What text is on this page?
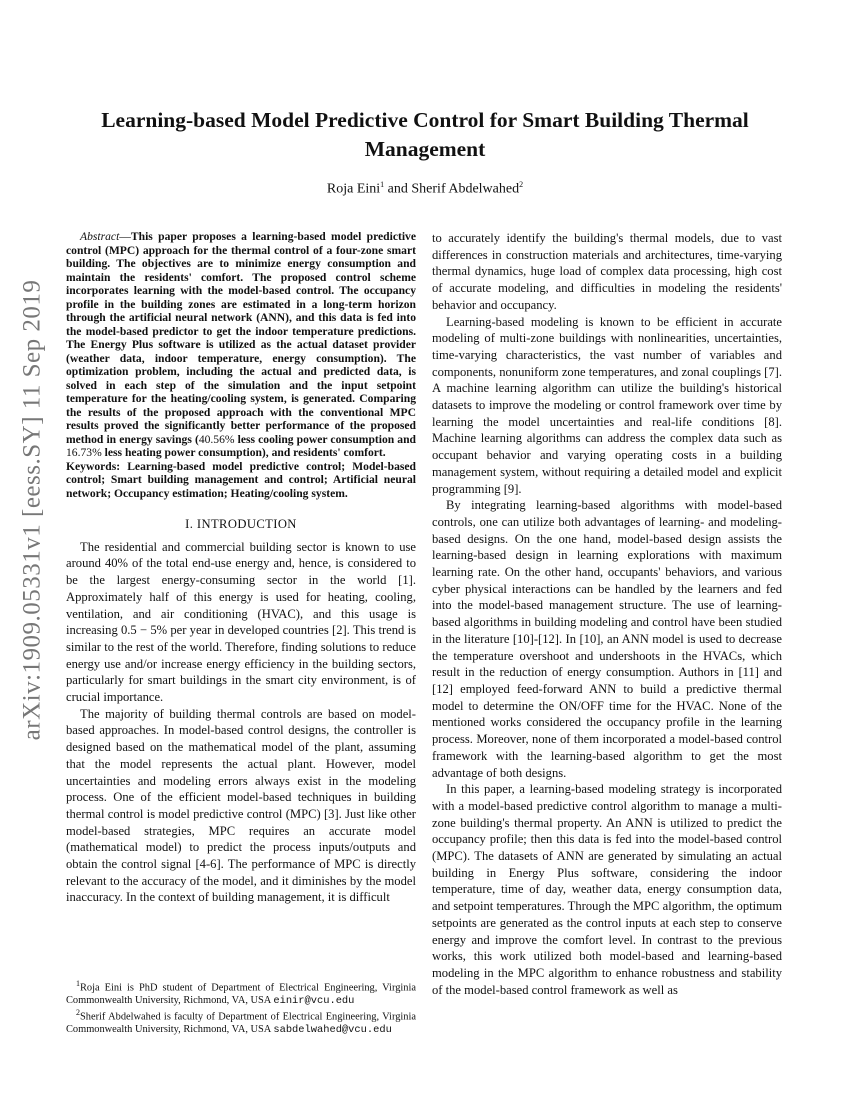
arXiv:1909.05331v1 [eess.SY] 11 Sep 2019
Learning-based Model Predictive Control for Smart Building Thermal Management
Roja Eini$^1$ and Sherif Abdelwahed$^2$

Abstract—This paper proposes a learning-based model predictive control (MPC) approach for the thermal control of a four-zone smart building. The objectives are to minimize energy consumption and maintain the residents' comfort. The proposed control scheme incorporates learning with the model-based control. The occupancy profile in the building zones are estimated in a long-term horizon through the artificial neural network (ANN), and this data is fed into the model-based predictor to get the indoor temperature predictions. The Energy Plus software is utilized as the actual dataset provider (weather data, indoor temperature, energy consumption). The optimization problem, including the actual and predicted data, is solved in each step of the simulation and the input setpoint temperature for the heating/cooling system, is generated. Comparing the results of the proposed approach with the conventional MPC results proved the significantly better performance of the proposed method in energy savings (40.56% less cooling power consumption and 16.73% less heating power consumption), and residents' comfort.
Keywords: Learning-based model predictive control; Model-based control; Smart building management and control; Artificial neural network; Occupancy estimation; Heating/cooling system.

I. INTRODUCTION

The residential and commercial building sector is known to use around 40% of the total end-use energy and, hence, is considered to be the largest energy-consuming sector in the world [1]. Approximately half of this energy is used for heating, cooling, ventilation, and air conditioning (HVAC), and this usage is increasing 0.5 − 5% per year in developed countries [2]. This trend is similar to the rest of the world. Therefore, finding solutions to reduce energy use and/or increase energy efficiency in the building sectors, particularly for smart buildings in the smart city environment, is of crucial importance.

The majority of building thermal controls are based on model-based approaches. In model-based control designs, the controller is designed based on the mathematical model of the plant, assuming that the model represents the actual plant. However, model uncertainties and modeling errors always exist in the modeling process. One of the efficient model-based techniques in building thermal control is model predictive control (MPC) [3]. Just like other model-based strategies, MPC requires an accurate model (mathematical model) to predict the process inputs/outputs and obtain the control signal [4-6]. The performance of MPC is directly relevant to the accuracy of the model, and it diminishes by the model inaccuracy. In the context of building management, it is difficult

$^1$Roja Eini is PhD student of Department of Electrical Engineering, Virginia Commonwealth University, Richmond, VA, USA einir@vcu.edu

$^2$Sherif Abdelwahed is faculty of Department of Electrical Engineering, Virginia Commonwealth University, Richmond, VA, USA sabdelwahed@vcu.edu

to accurately identify the building's thermal models, due to vast differences in construction materials and architectures, time-varying thermal dynamics, huge load of complex data processing, high cost of accurate modeling, and difficulties in modeling the residents' behavior and occupancy.

Learning-based modeling is known to be efficient in accurate modeling of multi-zone buildings with nonlinearities, uncertainties, time-varying characteristics, the vast number of variables and components, nonuniform zone temperatures, and zonal couplings [7]. A machine learning algorithm can utilize the building's historical datasets to improve the modeling or control framework over time by learning the model uncertainties and real-life conditions [8]. Machine learning algorithms can address the complex data such as occupant behavior and varying operating costs in a building management system, without requiring a detailed model and explicit programming [9].

By integrating learning-based algorithms with model-based controls, one can utilize both advantages of learning- and modeling-based designs. On the one hand, model-based design assists the learning-based design in learning explorations with maximum learning rate. On the other hand, occupants' behaviors, and various cyber physical interactions can be handled by the learners and fed into the model-based management structure. The use of learning-based algorithms in building modeling and control have been studied in the literature [10]-[12]. In [10], an ANN model is used to decrease the temperature overshoot and undershoots in the HVACs, which result in the reduction of energy consumption. Authors in [11] and [12] employed feed-forward ANN to build a predictive thermal model to determine the ON/OFF time for the HVAC. None of the mentioned works considered the occupancy profile in the learning process. Moreover, none of them incorporated a model-based control framework with the learning-based algorithm to get the most advantage of both designs.

In this paper, a learning-based modeling strategy is incorporated with a model-based predictive control algorithm to manage a multi-zone building's thermal property. An ANN is utilized to predict the occupancy profile; then this data is fed into the model-based control (MPC). The datasets of ANN are generated by simulating an actual building in Energy Plus software, considering the indoor temperature, time of day, weather data, energy consumption data, and setpoint temperatures. Through the MPC algorithm, the optimum setpoints are generated as the control inputs at each step to conserve energy and improve the comfort level. In contrast to the previous works, this work utilized both model-based and learning-based modeling in the MPC algorithm to enhance robustness and stability of the model-based control framework as well as
